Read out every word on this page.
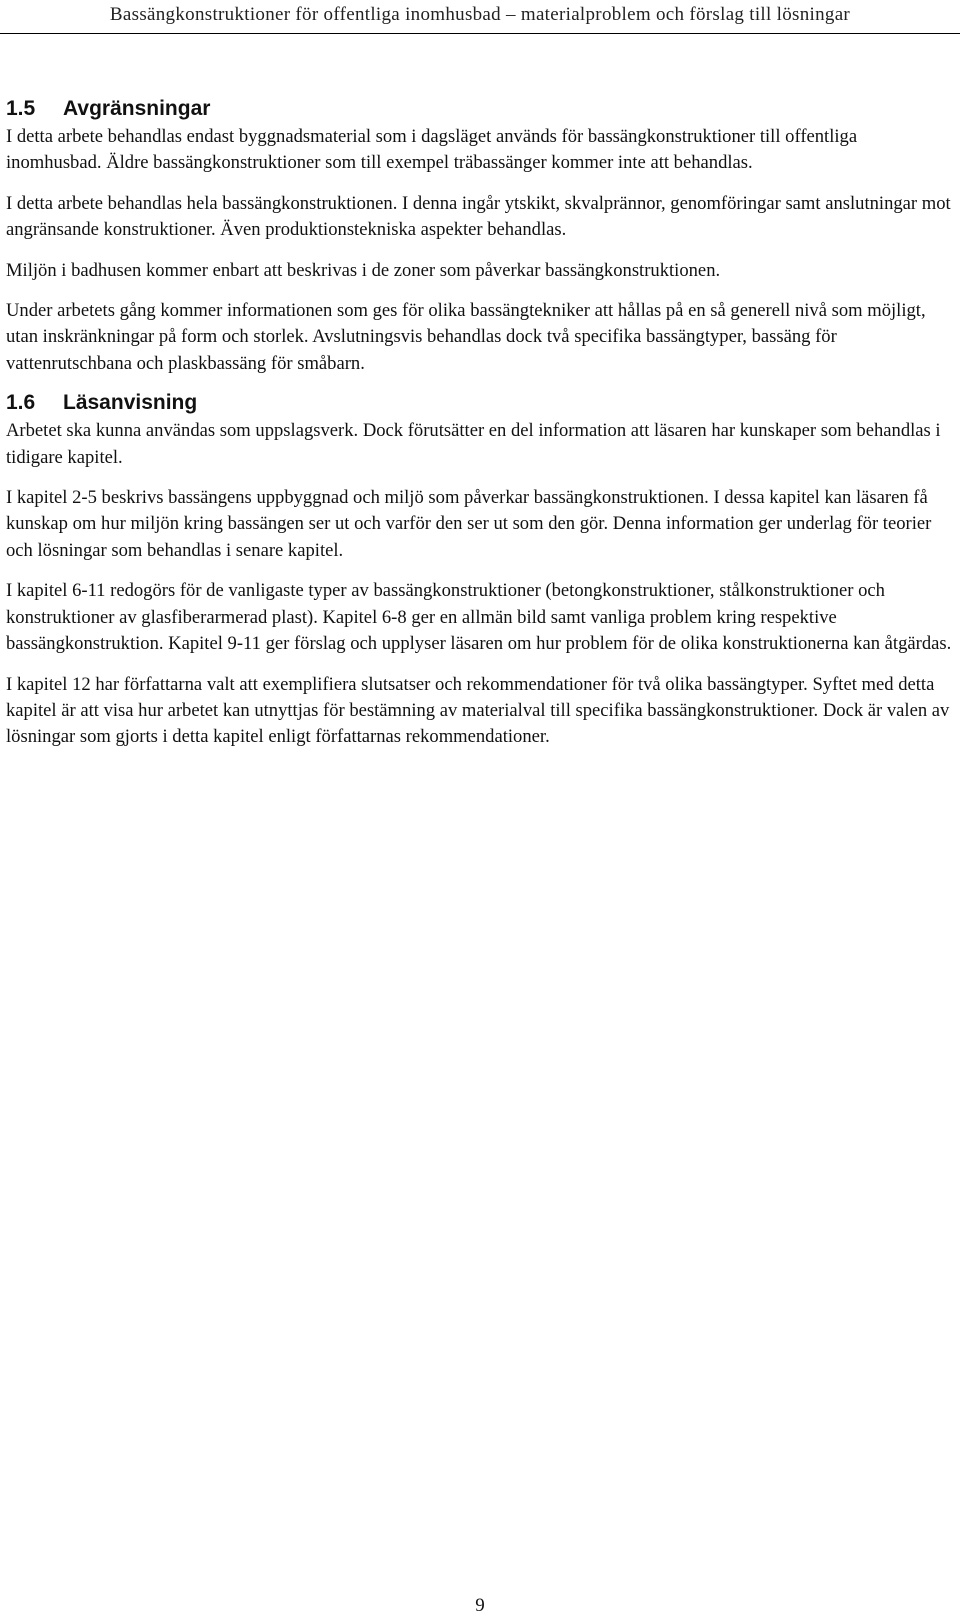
Bassängkonstruktioner för offentliga inomhusbad – materialproblem och förslag till lösningar
1.5 Avgränsningar

I detta arbete behandlas endast byggnadsmaterial som i dagsläget används för bassängkonstruktioner till offentliga inomhusbad. Äldre bassängkonstruktioner som till exempel träbassänger kommer inte att behandlas.

I detta arbete behandlas hela bassängkonstruktionen. I denna ingår ytskikt, skvalprännor, genomföringar samt anslutningar mot angränsande konstruktioner. Även produktionstekniska aspekter behandlas.

Miljön i badhusen kommer enbart att beskrivas i de zoner som påverkar bassängkonstruktionen.

Under arbetets gång kommer informationen som ges för olika bassängtekniker att hållas på en så generell nivå som möjligt, utan inskränkningar på form och storlek. Avslutningsvis behandlas dock två specifika bassängtyper, bassäng för vattenrutschbana och plaskbassäng för småbarn.

1.6 Läsanvisning

Arbetet ska kunna användas som uppslagsverk. Dock förutsätter en del information att läsaren har kunskaper som behandlas i tidigare kapitel.

I kapitel 2-5 beskrivs bassängens uppbyggnad och miljö som påverkar bassängkonstruktionen. I dessa kapitel kan läsaren få kunskap om hur miljön kring bassängen ser ut och varför den ser ut som den gör. Denna information ger underlag för teorier och lösningar som behandlas i senare kapitel.

I kapitel 6-11 redogörs för de vanligaste typer av bassängkonstruktioner (betongkonstruktioner, stålkonstruktioner och konstruktioner av glasfiberarmerad plast). Kapitel 6-8 ger en allmän bild samt vanliga problem kring respektive bassängkonstruktion. Kapitel 9-11 ger förslag och upplyser läsaren om hur problem för de olika konstruktionerna kan åtgärdas.

I kapitel 12 har författarna valt att exemplifiera slutsatser och rekommendationer för två olika bassängtyper. Syftet med detta kapitel är att visa hur arbetet kan utnyttjas för bestämning av materialval till specifika bassängkonstruktioner. Dock är valen av lösningar som gjorts i detta kapitel enligt författarnas rekommendationer.

9
